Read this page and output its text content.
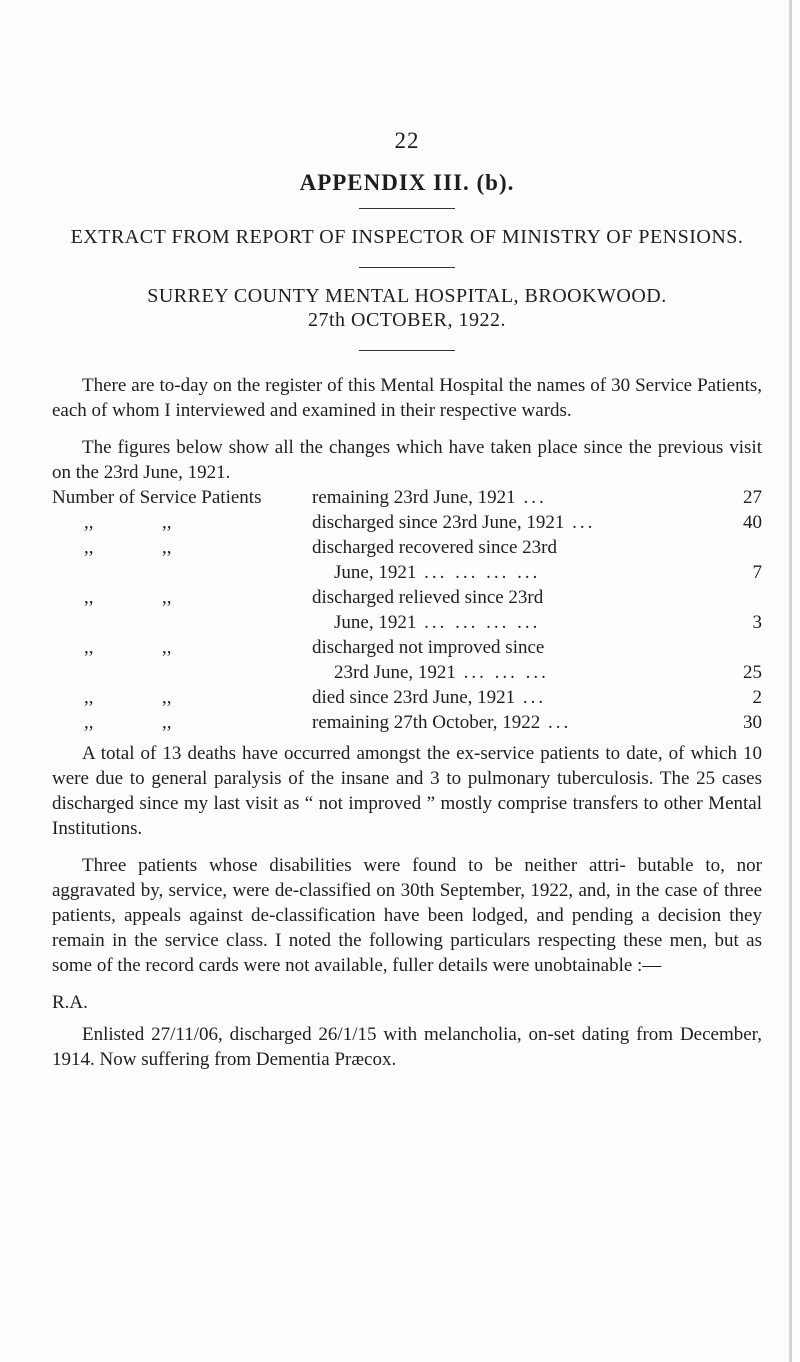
22
APPENDIX III. (b).
EXTRACT FROM REPORT OF INSPECTOR OF MINISTRY OF PENSIONS.
SURREY COUNTY MENTAL HOSPITAL, BROOKWOOD.
27th OCTOBER, 1922.

There are to-day on the register of this Mental Hospital the names of 30 Service Patients, each of whom I interviewed and examined in their respective wards.

The figures below show all the changes which have taken place since the previous visit on the 23rd June, 1921.

Number of Service Patients	remaining 23rd June, 1921 ...	27
,, ,,	discharged since 23rd June, 1921 ...	40
,, ,,	discharged recovered since 23rd
June, 1921 ... ... ... ...	7
,, ,,	discharged relieved since 23rd
June, 1921 ... ... ... ...	3
,, ,,	discharged not improved since
23rd June, 1921 ... ... ...	25
,, ,,	died since 23rd June, 1921 ...	2
,, ,,	remaining 27th October, 1922 ...	30

A total of 13 deaths have occurred amongst the ex-service patients to date, of which 10 were due to general paralysis of the insane and 3 to pulmonary tuberculosis. The 25 cases discharged since my last visit as “ not improved ” mostly comprise transfers to other Mental Institutions.

Three patients whose disabilities were found to be neither attri- butable to, nor aggravated by, service, were de-classified on 30th September, 1922, and, in the case of three patients, appeals against de-classification have been lodged, and pending a decision they remain in the service class. I noted the following particulars respecting these men, but as some of the record cards were not available, fuller details were unobtainable :—

R.A.

Enlisted 27/11/06, discharged 26/1/15 with melancholia, on-set dating from December, 1914. Now suffering from Dementia Præcox.
